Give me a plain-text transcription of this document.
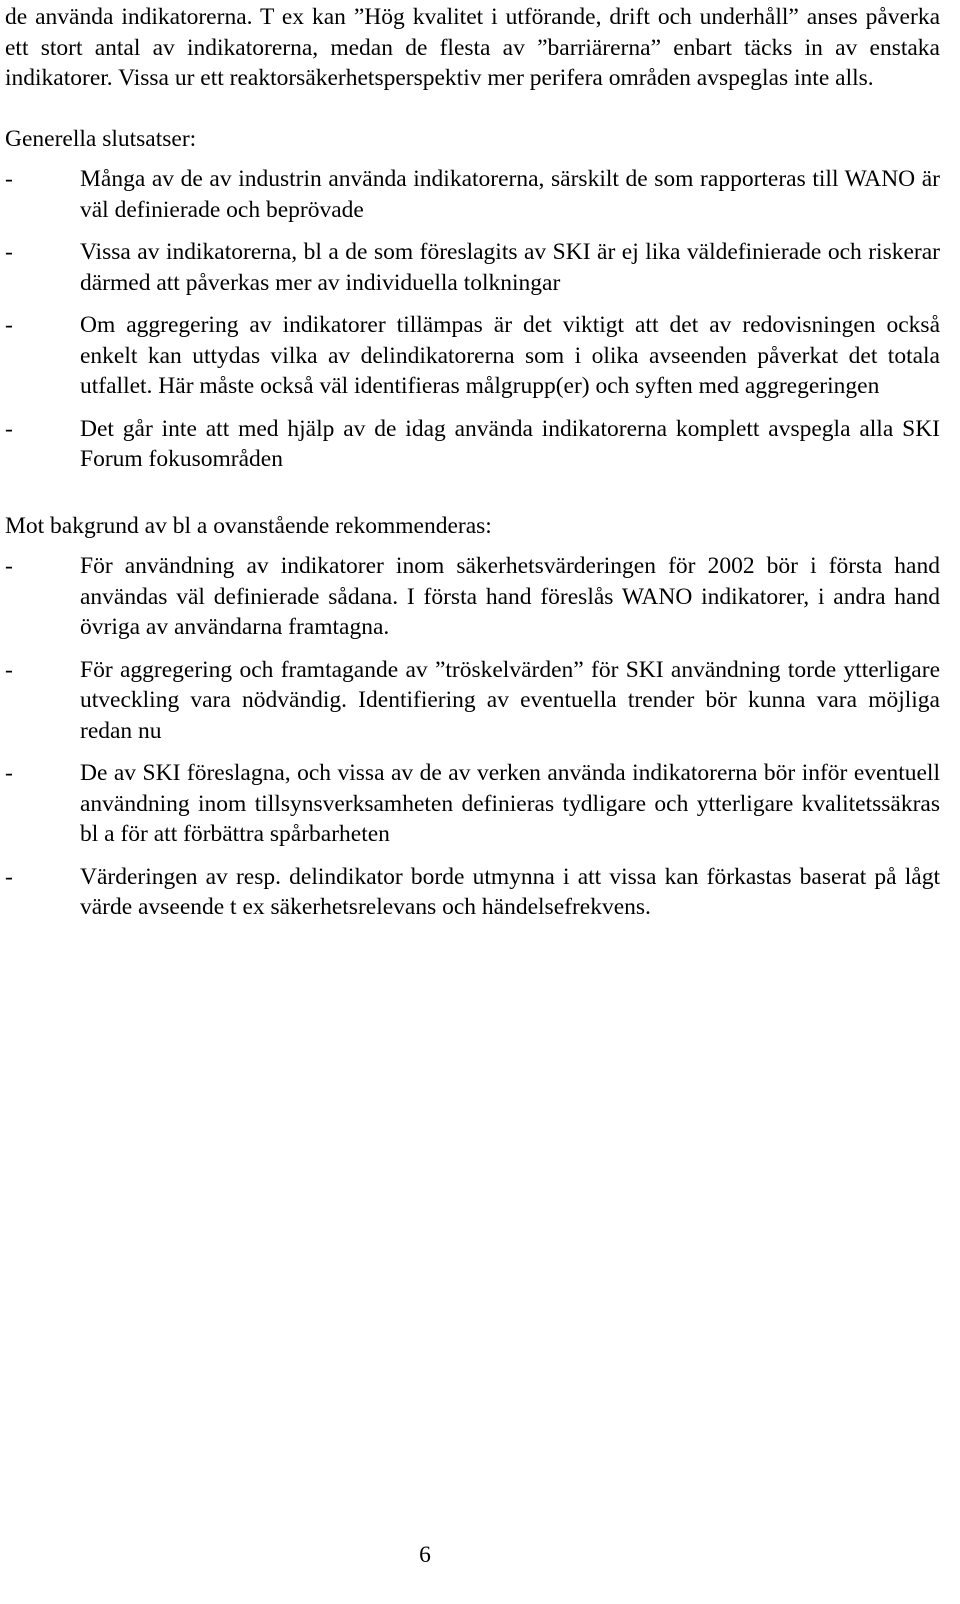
de använda indikatorerna. T ex kan ”Hög kvalitet i utförande, drift och underhåll” anses påverka ett stort antal av indikatorerna, medan de flesta av ”barriärerna” enbart täcks in av enstaka indikatorer. Vissa ur ett reaktorsäkerhetsperspektiv mer perifera områden avspeglas inte alls.

Generella slutsatser:

-	Många av de av industrin använda indikatorerna, särskilt de som rapporteras till WANO är väl definierade och beprövade
-	Vissa av indikatorerna, bl a de som föreslagits av SKI är ej lika väldefinierade och riskerar därmed att påverkas mer av individuella tolkningar
-	Om aggregering av indikatorer tillämpas är det viktigt att det av redovisningen också enkelt kan uttydas vilka av delindikatorerna som i olika avseenden påverkat det totala utfallet. Här måste också väl identifieras målgrupp(er) och syften med aggregeringen
-	Det går inte att med hjälp av de idag använda indikatorerna komplett avspegla alla SKI Forum fokusområden

Mot bakgrund av bl a ovanstående rekommenderas:

-	För användning av indikatorer inom säkerhetsvärderingen för 2002 bör i första hand användas väl definierade sådana. I första hand föreslås WANO indikatorer, i andra hand övriga av användarna framtagna.
-	För aggregering och framtagande av ”tröskelvärden” för SKI användning torde ytterligare utveckling vara nödvändig. Identifiering av eventuella trender bör kunna vara möjliga redan nu
-	De av SKI föreslagna, och vissa av de av verken använda indikatorerna bör inför eventuell användning inom tillsynsverksamheten definieras tydligare och ytterligare kvalitetssäkras bl a för att förbättra spårbarheten
-	Värderingen av resp. delindikator borde utmynna i att vissa kan förkastas baserat på lågt värde avseende t ex säkerhetsrelevans och händelsefrekvens.
6
